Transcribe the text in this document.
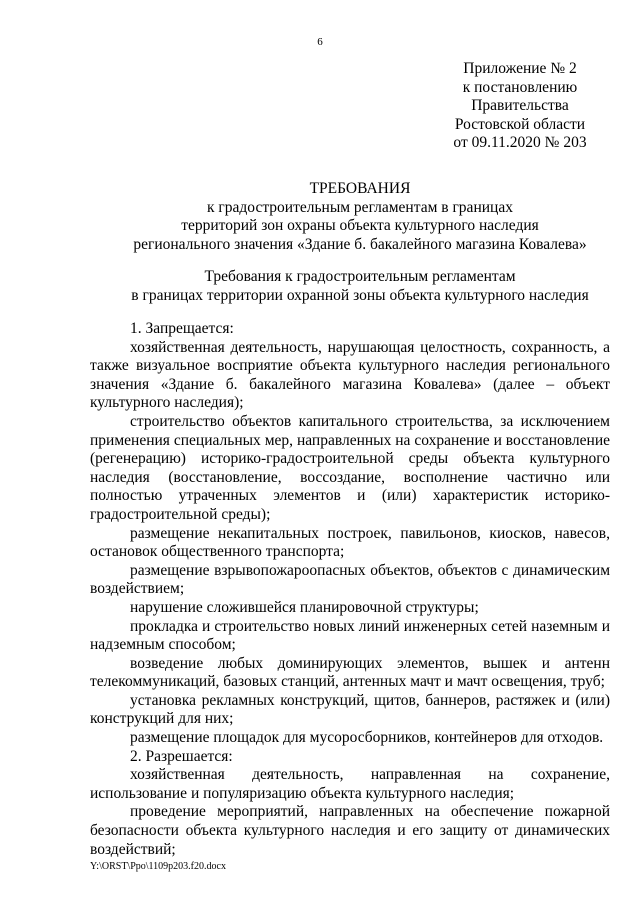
6
Приложение № 2
к постановлению
Правительства
Ростовской области
от 09.11.2020 № 203
ТРЕБОВАНИЯ
к градостроительным регламентам в границах
территорий зон охраны объекта культурного наследия
регионального значения «Здание б. бакалейного магазина Ковалева»
Требования к градостроительным регламентам
в границах территории охранной зоны объекта культурного наследия

1. Запрещается:

хозяйственная деятельность, нарушающая целостность, сохранность, а также визуальное восприятие объекта культурного наследия регионального значения «Здание б. бакалейного магазина Ковалева» (далее – объект культурного наследия);

строительство объектов капитального строительства, за исключением применения специальных мер, направленных на сохранение и восстановление (регенерацию) историко-градостроительной среды объекта культурного наследия (восстановление, воссоздание, восполнение частично или полностью утраченных элементов и (или) характеристик историко-градостроительной среды);

размещение некапитальных построек, павильонов, киосков, навесов, остановок общественного транспорта;

размещение взрывопожароопасных объектов, объектов с динамическим воздействием;

нарушение сложившейся планировочной структуры;

прокладка и строительство новых линий инженерных сетей наземным и надземным способом;

возведение любых доминирующих элементов, вышек и антенн телекоммуникаций, базовых станций, антенных мачт и мачт освещения, труб;

установка рекламных конструкций, щитов, баннеров, растяжек и (или) конструкций для них;

размещение площадок для мусоросборников, контейнеров для отходов.

2. Разрешается:

хозяйственная деятельность, направленная на сохранение, использование и популяризацию объекта культурного наследия;

проведение мероприятий, направленных на обеспечение пожарной безопасности объекта культурного наследия и его защиту от динамических воздействий;

Y:\ORST\Ppo\1109p203.f20.docx
